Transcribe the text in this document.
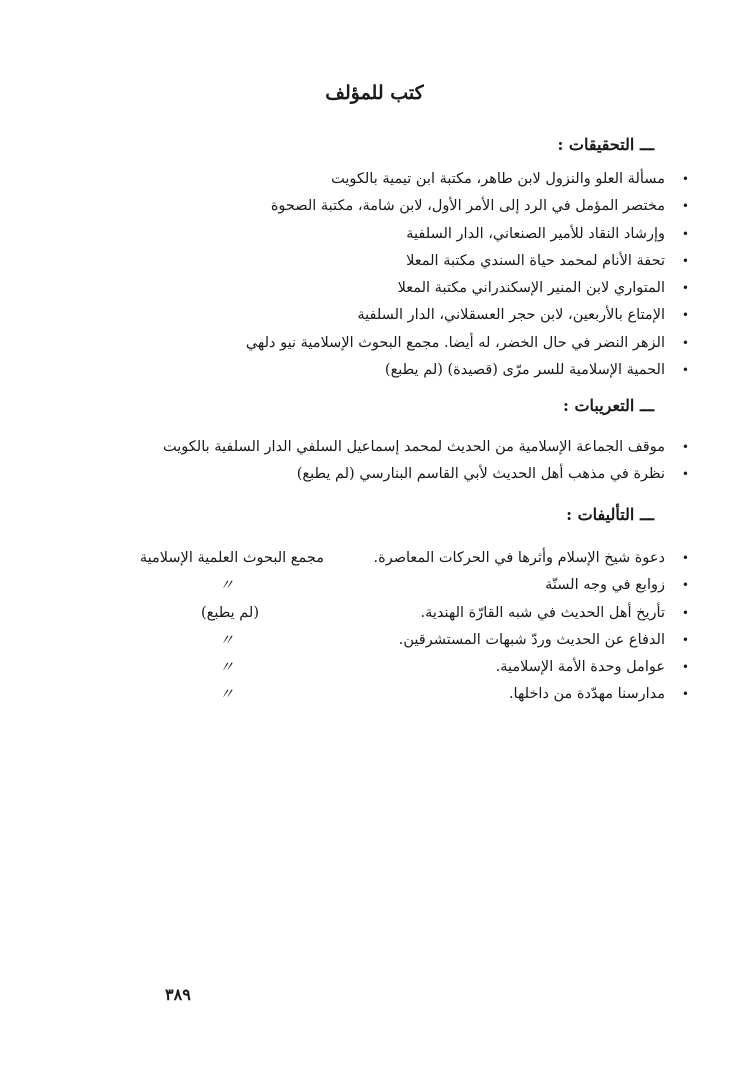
كتب للمؤلف
ـــ التحقيقات :
•
مسألة العلو والنزول لابن طاهر، مكتبة ابن تيمية بالكويت
•
مختصر المؤمل في الرد إلى الأمر الأول، لابن شامة، مكتبة الصحوة
•
وإرشاد النقاد للأمير الصنعاني، الدار السلفية
•
تحفة الأنام لمحمد حياة السندي مكتبة المعلا
•
المتواري لابن المنير الإسكندراني مكتبة المعلا
•
الإمتاع بالأربعين، لابن حجر العسقلاني، الدار السلفية
•
الزهر النضر في حال الخضر، له أيضا. مجمع البحوث الإسلامية نيو دلهي
•
الحمية الإسلامية للسر مرّى (قصيدة) (لم يطبع)
ـــ التعريبات :
•
موقف الجماعة الإسلامية من الحديث لمحمد إسماعيل السلفي الدار السلفية بالكويت
•
نظرة في مذهب أهل الحديث لأبي القاسم البنارسي (لم يطبع)
ـــ التأليفات :
•
دعوة شيخ الإسلام وأثرها في الحركات المعاصرة.
مجمع البحوث العلمية الإسلامية
•
زوابع في وجه السنّة
〃
•
تأريخ أهل الحديث في شبه القارّة الهندية.
(لم يطبع)
•
الدفاع عن الحديث وردّ شبهات المستشرقين.
〃
•
عوامل وحدة الأمة الإسلامية.
〃
•
مدارسنا مهدّدة من داخلها.
〃
٣٨٩
